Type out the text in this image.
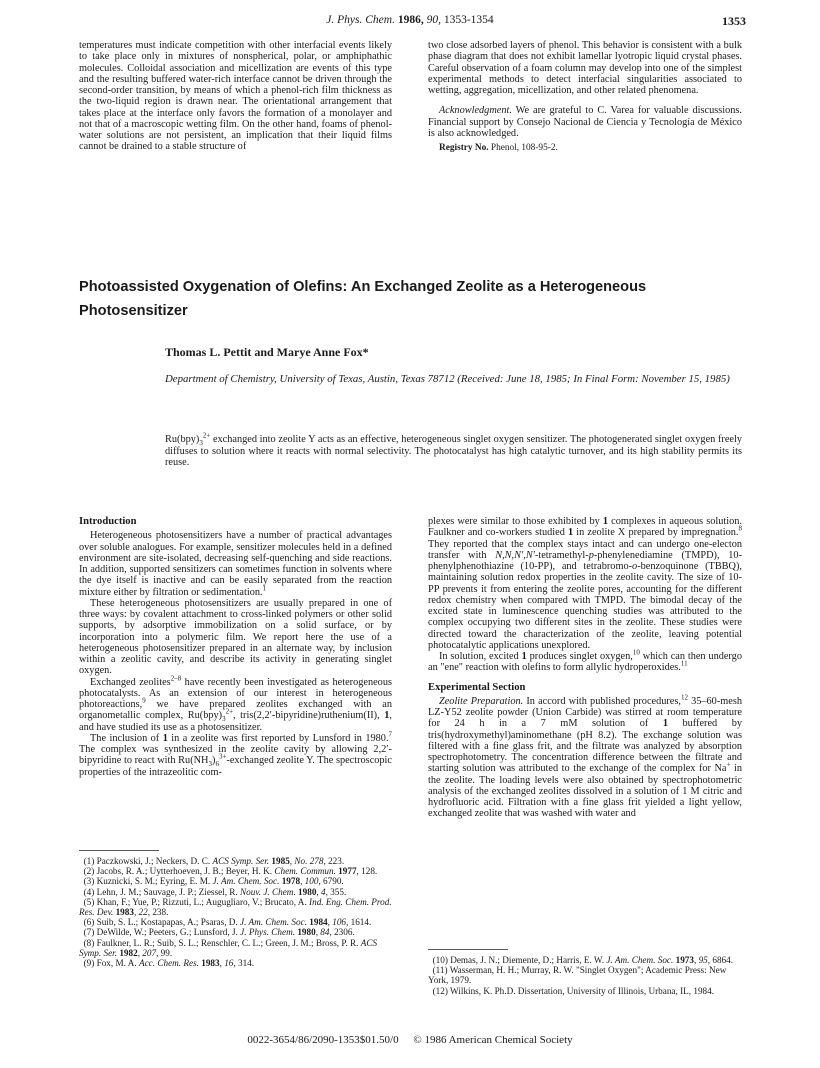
J. Phys. Chem. 1986, 90, 1353-1354	1353

temperatures must indicate competition with other interfacial events likely to take place only in mixtures of nonspherical, polar, or amphiphathic molecules. Colloidal association and micellization are events of this type and the resulting buffered water-rich interface cannot be driven through the second-order transition, by means of which a phenol-rich film thickness as the two-liquid region is drawn near. The orientational arrangement that takes place at the interface only favors the formation of a monolayer and not that of a macroscopic wetting film. On the other hand, foams of phenol-water solutions are not persistent, an implication that their liquid films cannot be drained to a stable structure of

two close adsorbed layers of phenol. This behavior is consistent with a bulk phase diagram that does not exhibit lamellar lyotropic liquid crystal phases. Careful observation of a foam column may develop into one of the simplest experimental methods to detect interfacial singularities associated to wetting, aggregation, micellization, and other related phenomena.

Acknowledgment. We are grateful to C. Varea for valuable discussions. Financial support by Consejo Nacional de Ciencia y Tecnología de México is also acknowledged.

Registry No. Phenol, 108-95-2.
Photoassisted Oxygenation of Olefins: An Exchanged Zeolite as a Heterogeneous Photosensitizer
Thomas L. Pettit and Marye Anne Fox*
Department of Chemistry, University of Texas, Austin, Texas 78712 (Received: June 18, 1985; In Final Form: November 15, 1985)
$Ru(bpy)_3^{2+}$ exchanged into zeolite Y acts as an effective, heterogeneous singlet oxygen sensitizer. The photogenerated singlet oxygen freely diffuses to solution where it reacts with normal selectivity. The photocatalyst has high catalytic turnover, and its high stability permits its reuse.
Introduction

Heterogeneous photosensitizers have a number of practical advantages over soluble analogues. For example, sensitizer molecules held in a defined environment are site-isolated, decreasing self-quenching and side reactions. In addition, supported sensitizers can sometimes function in solvents where the dye itself is inactive and can be easily separated from the reaction mixture either by filtration or sedimentation.$^1$

These heterogeneous photosensitizers are usually prepared in one of three ways: by covalent attachment to cross-linked polymers or other solid supports, by adsorptive immobilization on a solid surface, or by incorporation into a polymeric film. We report here the use of a heterogeneous photosensitizer prepared in an alternate way, by inclusion within a zeolitic cavity, and describe its activity in generating singlet oxygen.

Exchanged zeolites$^{2-8}$ have recently been investigated as heterogeneous photocatalysts. As an extension of our interest in heterogeneous photoreactions,$^9$ we have prepared zeolites exchanged with an organometallic complex, $Ru(bpy)_3^{2+}$, tris(2,2′-bipyridine)ruthenium(II), 1, and have studied its use as a photosensitizer.

The inclusion of 1 in a zeolite was first reported by Lunsford in 1980.$^7$ The complex was synthesized in the zeolite cavity by allowing 2,2′-bipyridine to react with $Ru(NH_3)_6^{3+}$-exchanged zeolite Y. The spectroscopic properties of the intrazeolitic com-

plexes were similar to those exhibited by 1 complexes in aqueous solution. Faulkner and co-workers studied 1 in zeolite X prepared by impregnation.$^8$ They reported that the complex stays intact and can undergo one-electon transfer with N,N,N′,N′-tetramethyl-p-phenylenediamine (TMPD), 10-phenylphenothiazine (10-PP), and tetrabromo-o-benzoquinone (TBBQ), maintaining solution redox properties in the zeolite cavity. The size of 10-PP prevents it from entering the zeolite pores, accounting for the different redox chemistry when compared with TMPD. The bimodal decay of the excited state in luminescence quenching studies was attributed to the complex occupying two different sites in the zeolite. These studies were directed toward the characterization of the zeolite, leaving potential photocatalytic applications unexplored.

In solution, excited 1 produces singlet oxygen,$^{10}$ which can then undergo an "ene" reaction with olefins to form allylic hydroperoxides.$^{11}$

Experimental Section

Zeolite Preparation. In accord with published procedures,$^{12}$ 35–60-mesh LZ-Y52 zeolite powder (Union Carbide) was stirred at room temperature for 24 h in a 7 mM solution of 1 buffered by tris(hydroxymethyl)aminomethane (pH 8.2). The exchange solution was filtered with a fine glass frit, and the filtrate was analyzed by absorption spectrophotometry. The concentration difference between the filtrate and starting solution was attributed to the exchange of the complex for Na+ in the zeolite. The loading levels were also obtained by spectrophotometric analysis of the exchanged zeolites dissolved in a solution of 1 M citric and hydrofluoric acid. Filtration with a fine glass frit yielded a light yellow, exchanged zeolite that was washed with water and

(1) Paczkowski, J.; Neckers, D. C. ACS Symp. Ser. 1985, No. 278, 223.

(2) Jacobs, R. A.; Uytterhoeven, J. B.; Beyer, H. K. Chem. Commun. 1977, 128.

(3) Kuznicki, S. M.; Eyring, E. M. J. Am. Chem. Soc. 1978, 100, 6790.

(4) Lehn, J. M.; Sauvage, J. P.; Ziessel, R. Nouv. J. Chem. 1980, 4, 355.

(5) Khan, F.; Yue, P.; Rizzuti, L.; Augugliaro, V.; Brucato, A. Ind. Eng. Chem. Prod. Res. Dev. 1983, 22, 238.

(6) Suib, S. L.; Kostapapas, A.; Psaras, D. J. Am. Chem. Soc. 1984, 106, 1614.

(7) DeWilde, W.; Peeters, G.; Lunsford, J. J. Phys. Chem. 1980, 84, 2306.

(8) Faulkner, L. R.; Suib, S. L.; Renschler, C. L.; Green, J. M.; Bross, P. R. ACS Symp. Ser. 1982, 207, 99.

(9) Fox, M. A. Acc. Chem. Res. 1983, 16, 314.	(10) Demas, J. N.; Diemente, D.; Harris, E. W. J. Am. Chem. Soc. 1973, 95, 6864.

(11) Wasserman, H. H.; Murray, R. W. "Singlet Oxygen"; Academic Press: New York, 1979.

(12) Wilkins, K. Ph.D. Dissertation, University of Illinois, Urbana, IL, 1984.

0022-3654/86/2090-1353$01.50/0 © 1986 American Chemical Society
